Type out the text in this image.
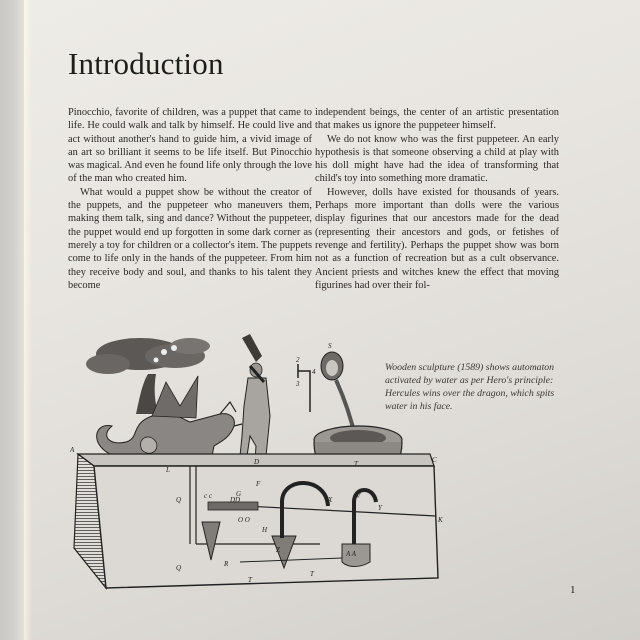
Introduction

Pinocchio, favorite of children, was a puppet that came to life. He could walk and talk by himself. He could live and act without another's hand to guide him, a vivid image of an art so brilliant it seems to be life itself. But Pinocchio was magical. And even he found life only through the love of the man who created him.

What would a puppet show be without the creator of the puppets, and the puppeteer who maneuvers them, making them talk, sing and dance? Without the puppeteer, the puppet would end up forgotten in some dark corner as merely a toy for children or a collector's item. The puppets come to life only in the hands of the puppeteer. From him they receive body and soul, and thanks to his talent they become

independent beings, the center of an artistic presentation that makes us ignore the puppeteer himself.

We do not know who was the first puppeteer. An early hypothesis is that someone observing a child at play with his doll might have had the idea of transforming that child's toy into something more dramatic.

However, dolls have existed for thousands of years. Perhaps more important than dolls were the various display figurines that our ancestors made for the dead (representing their ancestors and gods, or fetishes of revenge and fertility). Perhaps the puppet show was born not as a function of recreation but as a cult observance. Ancient priests and witches knew the effect that moving figurines had over their fol-

A
L
D
Q
Q
c c	DD
O O
G
H
R
T
T
T
Z
X
Y
V
C
K
A A
S
F
2
3
4	Wooden sculpture (1589) shows automaton activated by water as per Hero's principle: Hercules wins over the dragon, which spits water in his face.
1
